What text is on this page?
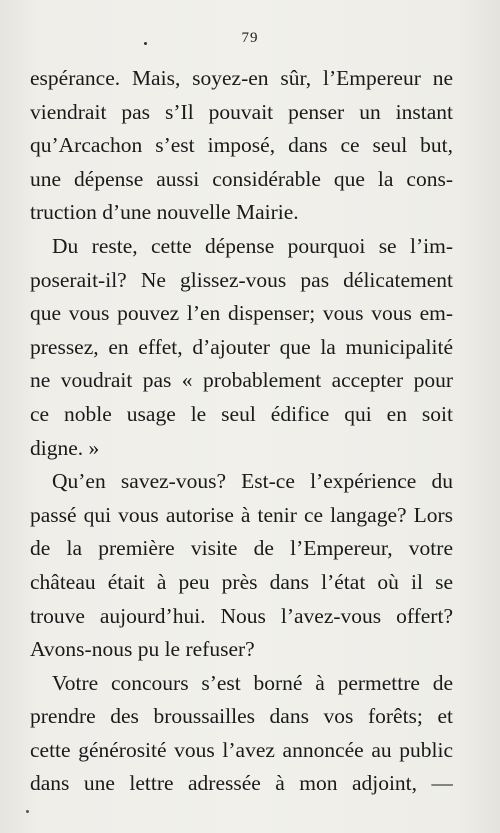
79
espérance. Mais, soyez-en sûr, l’Empereur ne
viendrait pas s’Il pouvait penser un instant
qu’Arcachon s’est imposé, dans ce seul but,
une dépense aussi considérable que la cons-
truction d’une nouvelle Mairie.
Du reste, cette dépense pourquoi se l’im-
poserait-il? Ne glissez-vous pas délicatement
que vous pouvez l’en dispenser; vous vous em-
pressez, en effet, d’ajouter que la municipalité
ne voudrait pas « probablement accepter pour
ce noble usage le seul édifice qui en soit
digne. »
Qu’en savez-vous? Est-ce l’expérience du
passé qui vous autorise à tenir ce langage? Lors
de la première visite de l’Empereur, votre
château était à peu près dans l’état où il se
trouve aujourd’hui. Nous l’avez-vous offert?
Avons-nous pu le refuser?
Votre concours s’est borné à permettre de
prendre des broussailles dans vos forêts; et
cette générosité vous l’avez annoncée au public
dans une lettre adressée à mon adjoint, —
